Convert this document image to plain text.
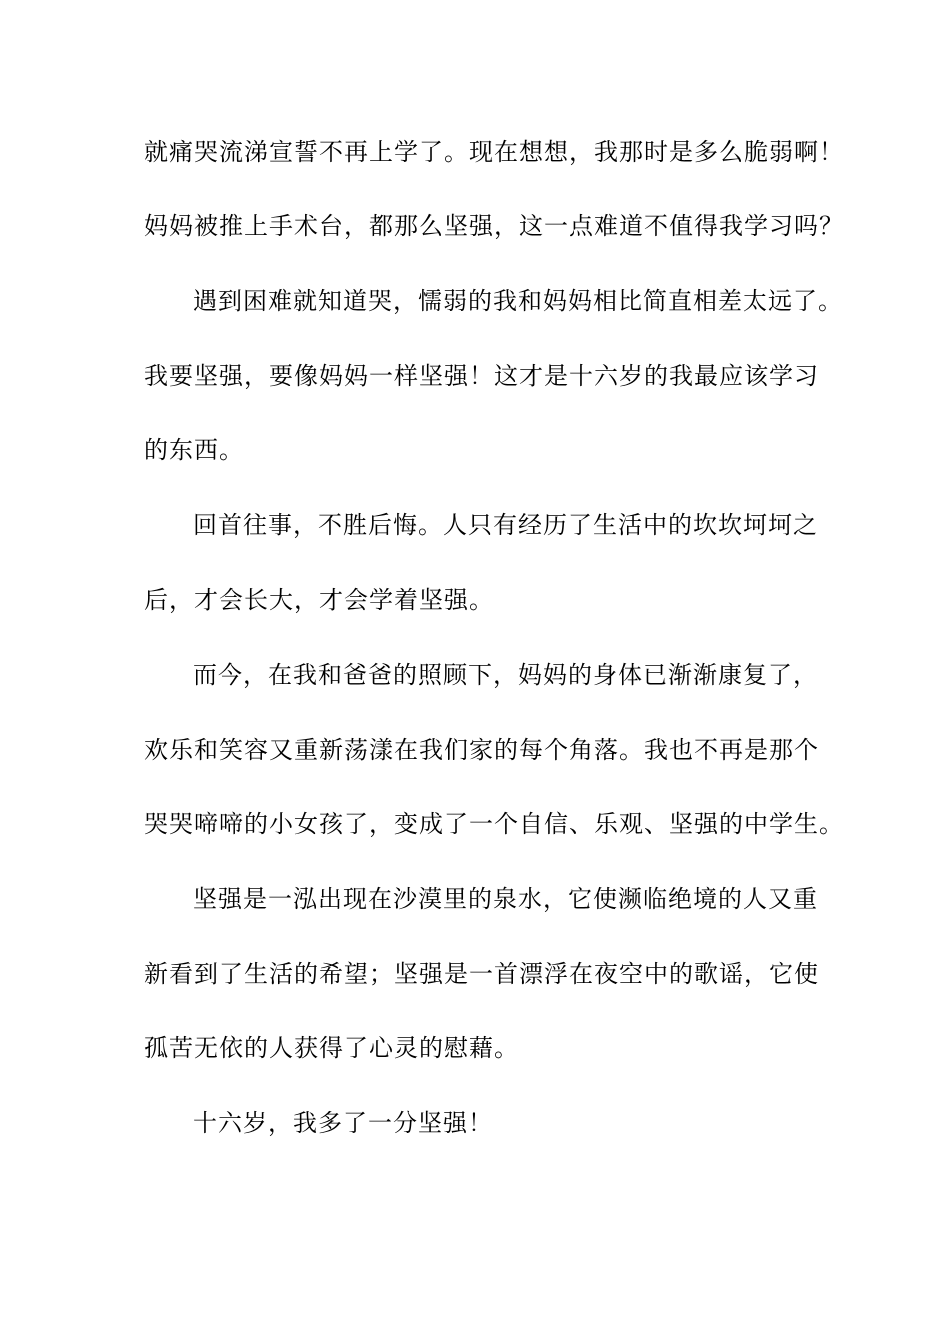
就痛哭流涕宣誓不再上学了。现在想想，我那时是多么脆弱啊！
妈妈被推上手术台，都那么坚强，这一点难道不值得我学习吗？
遇到困难就知道哭，懦弱的我和妈妈相比简直相差太远了。
我要坚强，要像妈妈一样坚强！这才是十六岁的我最应该学习
的东西。
回首往事，不胜后悔。人只有经历了生活中的坎坎坷坷之
后，才会长大，才会学着坚强。
而今，在我和爸爸的照顾下，妈妈的身体已渐渐康复了，
欢乐和笑容又重新荡漾在我们家的每个角落。我也不再是那个
哭哭啼啼的小女孩了，变成了一个自信、乐观、坚强的中学生。
坚强是一泓出现在沙漠里的泉水，它使濒临绝境的人又重
新看到了生活的希望；坚强是一首漂浮在夜空中的歌谣，它使
孤苦无依的人获得了心灵的慰藉。
十六岁，我多了一分坚强！
